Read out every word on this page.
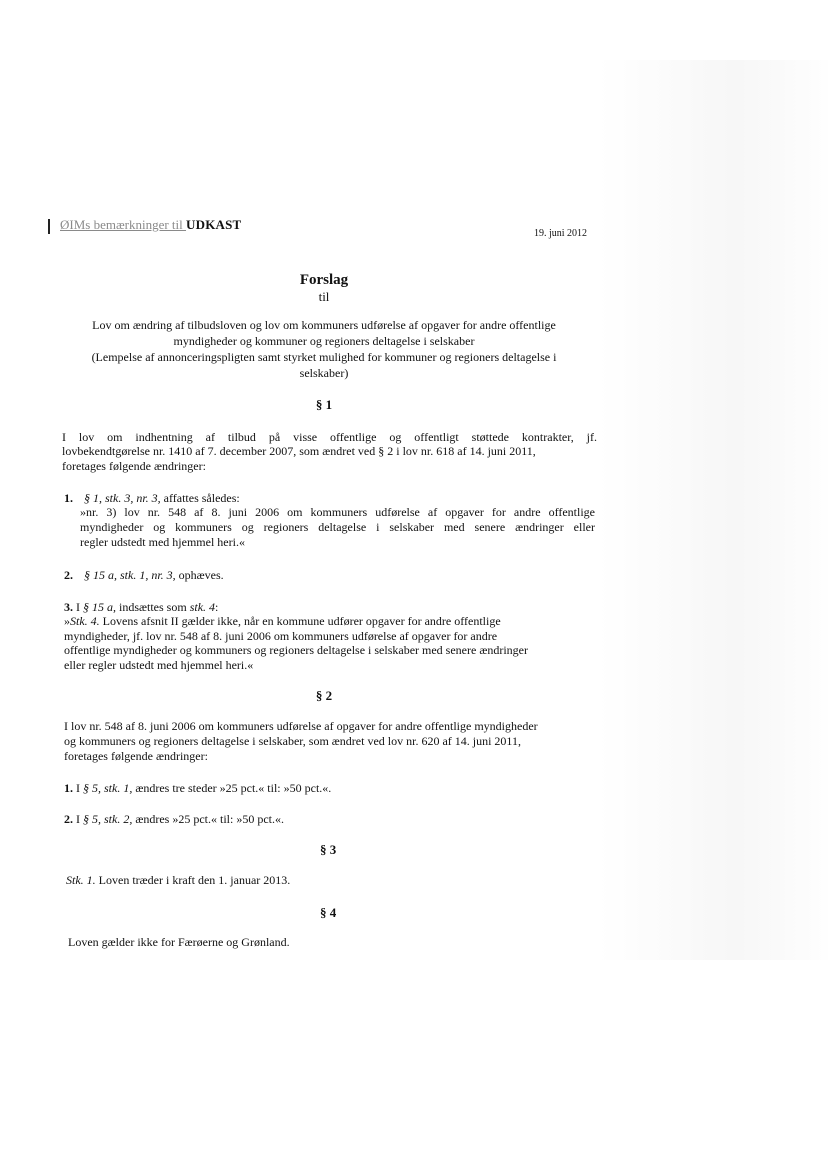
ØIMs bemærkninger til UDKAST
19. juni 2012
Forslag
til
Lov om ændring af tilbudsloven og lov om kommuners udførelse af opgaver for andre offentlige
myndigheder og kommuner og regioners deltagelse i selskaber
(Lempelse af annonceringspligten samt styrket mulighed for kommuner og regioners deltagelse i
selskaber)
§ 1
I lov om indhentning af tilbud på visse offentlige og offentligt støttede kontrakter, jf.
lovbekendtgørelse nr. 1410 af 7. december 2007, som ændret ved § 2 i lov nr. 618 af 14. juni 2011,
foretages følgende ændringer:
1. § 1, stk. 3, nr. 3, affattes således:
»nr. 3) lov nr. 548 af 8. juni 2006 om kommuners udførelse af opgaver for andre offentlige
myndigheder og kommuners og regioners deltagelse i selskaber med senere ændringer eller
regler udstedt med hjemmel heri.«
2. § 15 a, stk. 1, nr. 3, ophæves.
3. I § 15 a, indsættes som stk. 4:
»Stk. 4. Lovens afsnit II gælder ikke, når en kommune udfører opgaver for andre offentlige
myndigheder, jf. lov nr. 548 af 8. juni 2006 om kommuners udførelse af opgaver for andre
offentlige myndigheder og kommuners og regioners deltagelse i selskaber med senere ændringer
eller regler udstedt med hjemmel heri.«
§ 2
I lov nr. 548 af 8. juni 2006 om kommuners udførelse af opgaver for andre offentlige myndigheder
og kommuners og regioners deltagelse i selskaber, som ændret ved lov nr. 620 af 14. juni 2011,
foretages følgende ændringer:
1. I § 5, stk. 1, ændres tre steder »25 pct.« til: »50 pct.«.
2. I § 5, stk. 2, ændres »25 pct.« til: »50 pct.«.
§ 3
Stk. 1. Loven træder i kraft den 1. januar 2013.
§ 4
Loven gælder ikke for Færøerne og Grønland.
